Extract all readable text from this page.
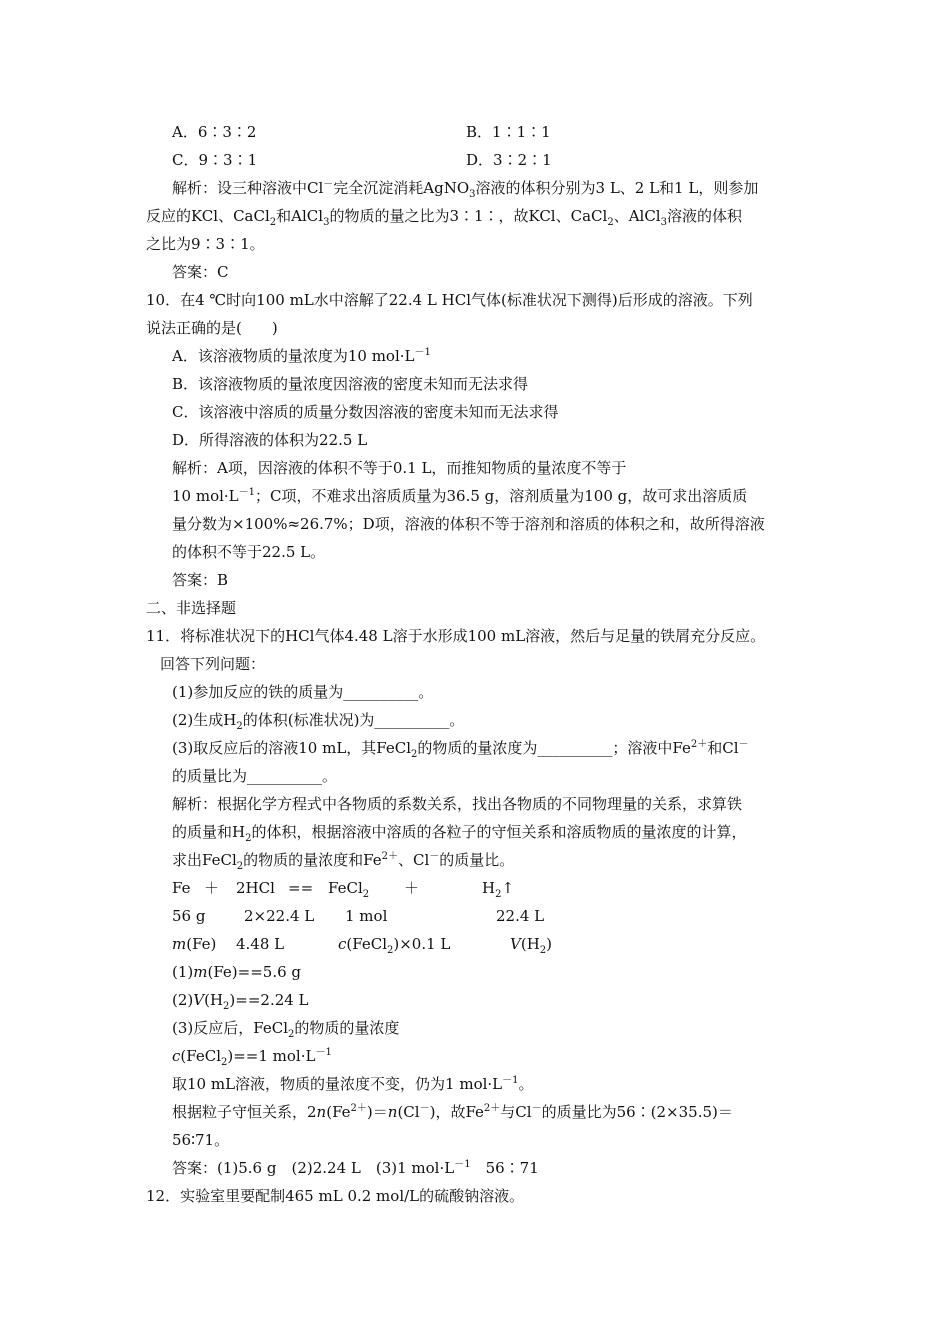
A．6∶3∶2	B．1∶1∶1
C．9∶3∶1	D．3∶2∶1
解析：设三种溶液中Cl－完全沉淀消耗AgNO$_3$溶液的体积分别为3 L、2 L和1 L，则参加
反应的KCl、CaCl$_2$和AlCl$_3$的物质的量之比为3∶1∶，故KCl、CaCl$_2$、AlCl$_3$溶液的体积
之比为9∶3∶1。
答案：C
10．在4 ℃时向100 mL水中溶解了22.4 L HCl气体(标准状况下测得)后形成的溶液。下列
说法正确的是(　　)
A．该溶液物质的量浓度为10 $mol\cdot L^{-1}$
B．该溶液物质的量浓度因溶液的密度未知而无法求得
C．该溶液中溶质的质量分数因溶液的密度未知而无法求得
D．所得溶液的体积为22.5 L
解析：A项，因溶液的体积不等于0.1 L，而推知物质的量浓度不等于
10 $mol\cdot L^{-1}$；C项，不难求出溶质质量为36.5 g，溶剂质量为100 g，故可求出溶质质
量分数为×100%≈26.7%；D项，溶液的体积不等于溶剂和溶质的体积之和，故所得溶液
的体积不等于22.5 L。
答案：B
二、非选择题
11．将标准状况下的HCl气体4.48 L溶于水形成100 mL溶液，然后与足量的铁屑充分反应。
回答下列问题：
(1)参加反应的铁的质量为__________。
(2)生成$H_2$的体积(标准状况)为__________。
(3)取反应后的溶液10 mL，其FeCl$_2$的物质的量浓度为__________；溶液中$Fe^{2+}$和Cl－
的质量比为__________。
解析：根据化学方程式中各物质的系数关系，找出各物质的不同物理量的关系，求算铁
的质量和$H_2$的体积，根据溶液中溶质的各粒子的守恒关系和溶质物质的量浓度的计算，
求出FeCl$_2$的物质的量浓度和$Fe^{2+}$、Cl－的质量比。
Fe ＋ 2HCl == FeCl$_2$ ＋	$H_2↑$
56 g	2×22.4 L 1 mol	22.4 L
m(Fe) 4.48 L	c(FeCl$_2$)×0.1 L	$V(H_2)$
(1)m(Fe)==5.6 g
$(2)V(H_2)==2.24$ L
(3)反应后，FeCl$_2$的物质的量浓度
c(FeCl$_2$)==1 $mol\cdot L^{-1}$
取10 mL溶液，物质的量浓度不变，仍为1 $mol\cdot L^{-1}$。
根据粒子守恒关系，$2n(Fe^{2+})=n(Cl^-)$，故$Fe^{2+}$与Cl－的质量比为56∶(2×35.5)＝
56∶71。
答案：(1)5.6 g　(2)2.24 L　(3)1 $mol\cdot L^{-1}$　56∶71
12．实验室里要配制465 mL 0.2 mol/L的硫酸钠溶液。
